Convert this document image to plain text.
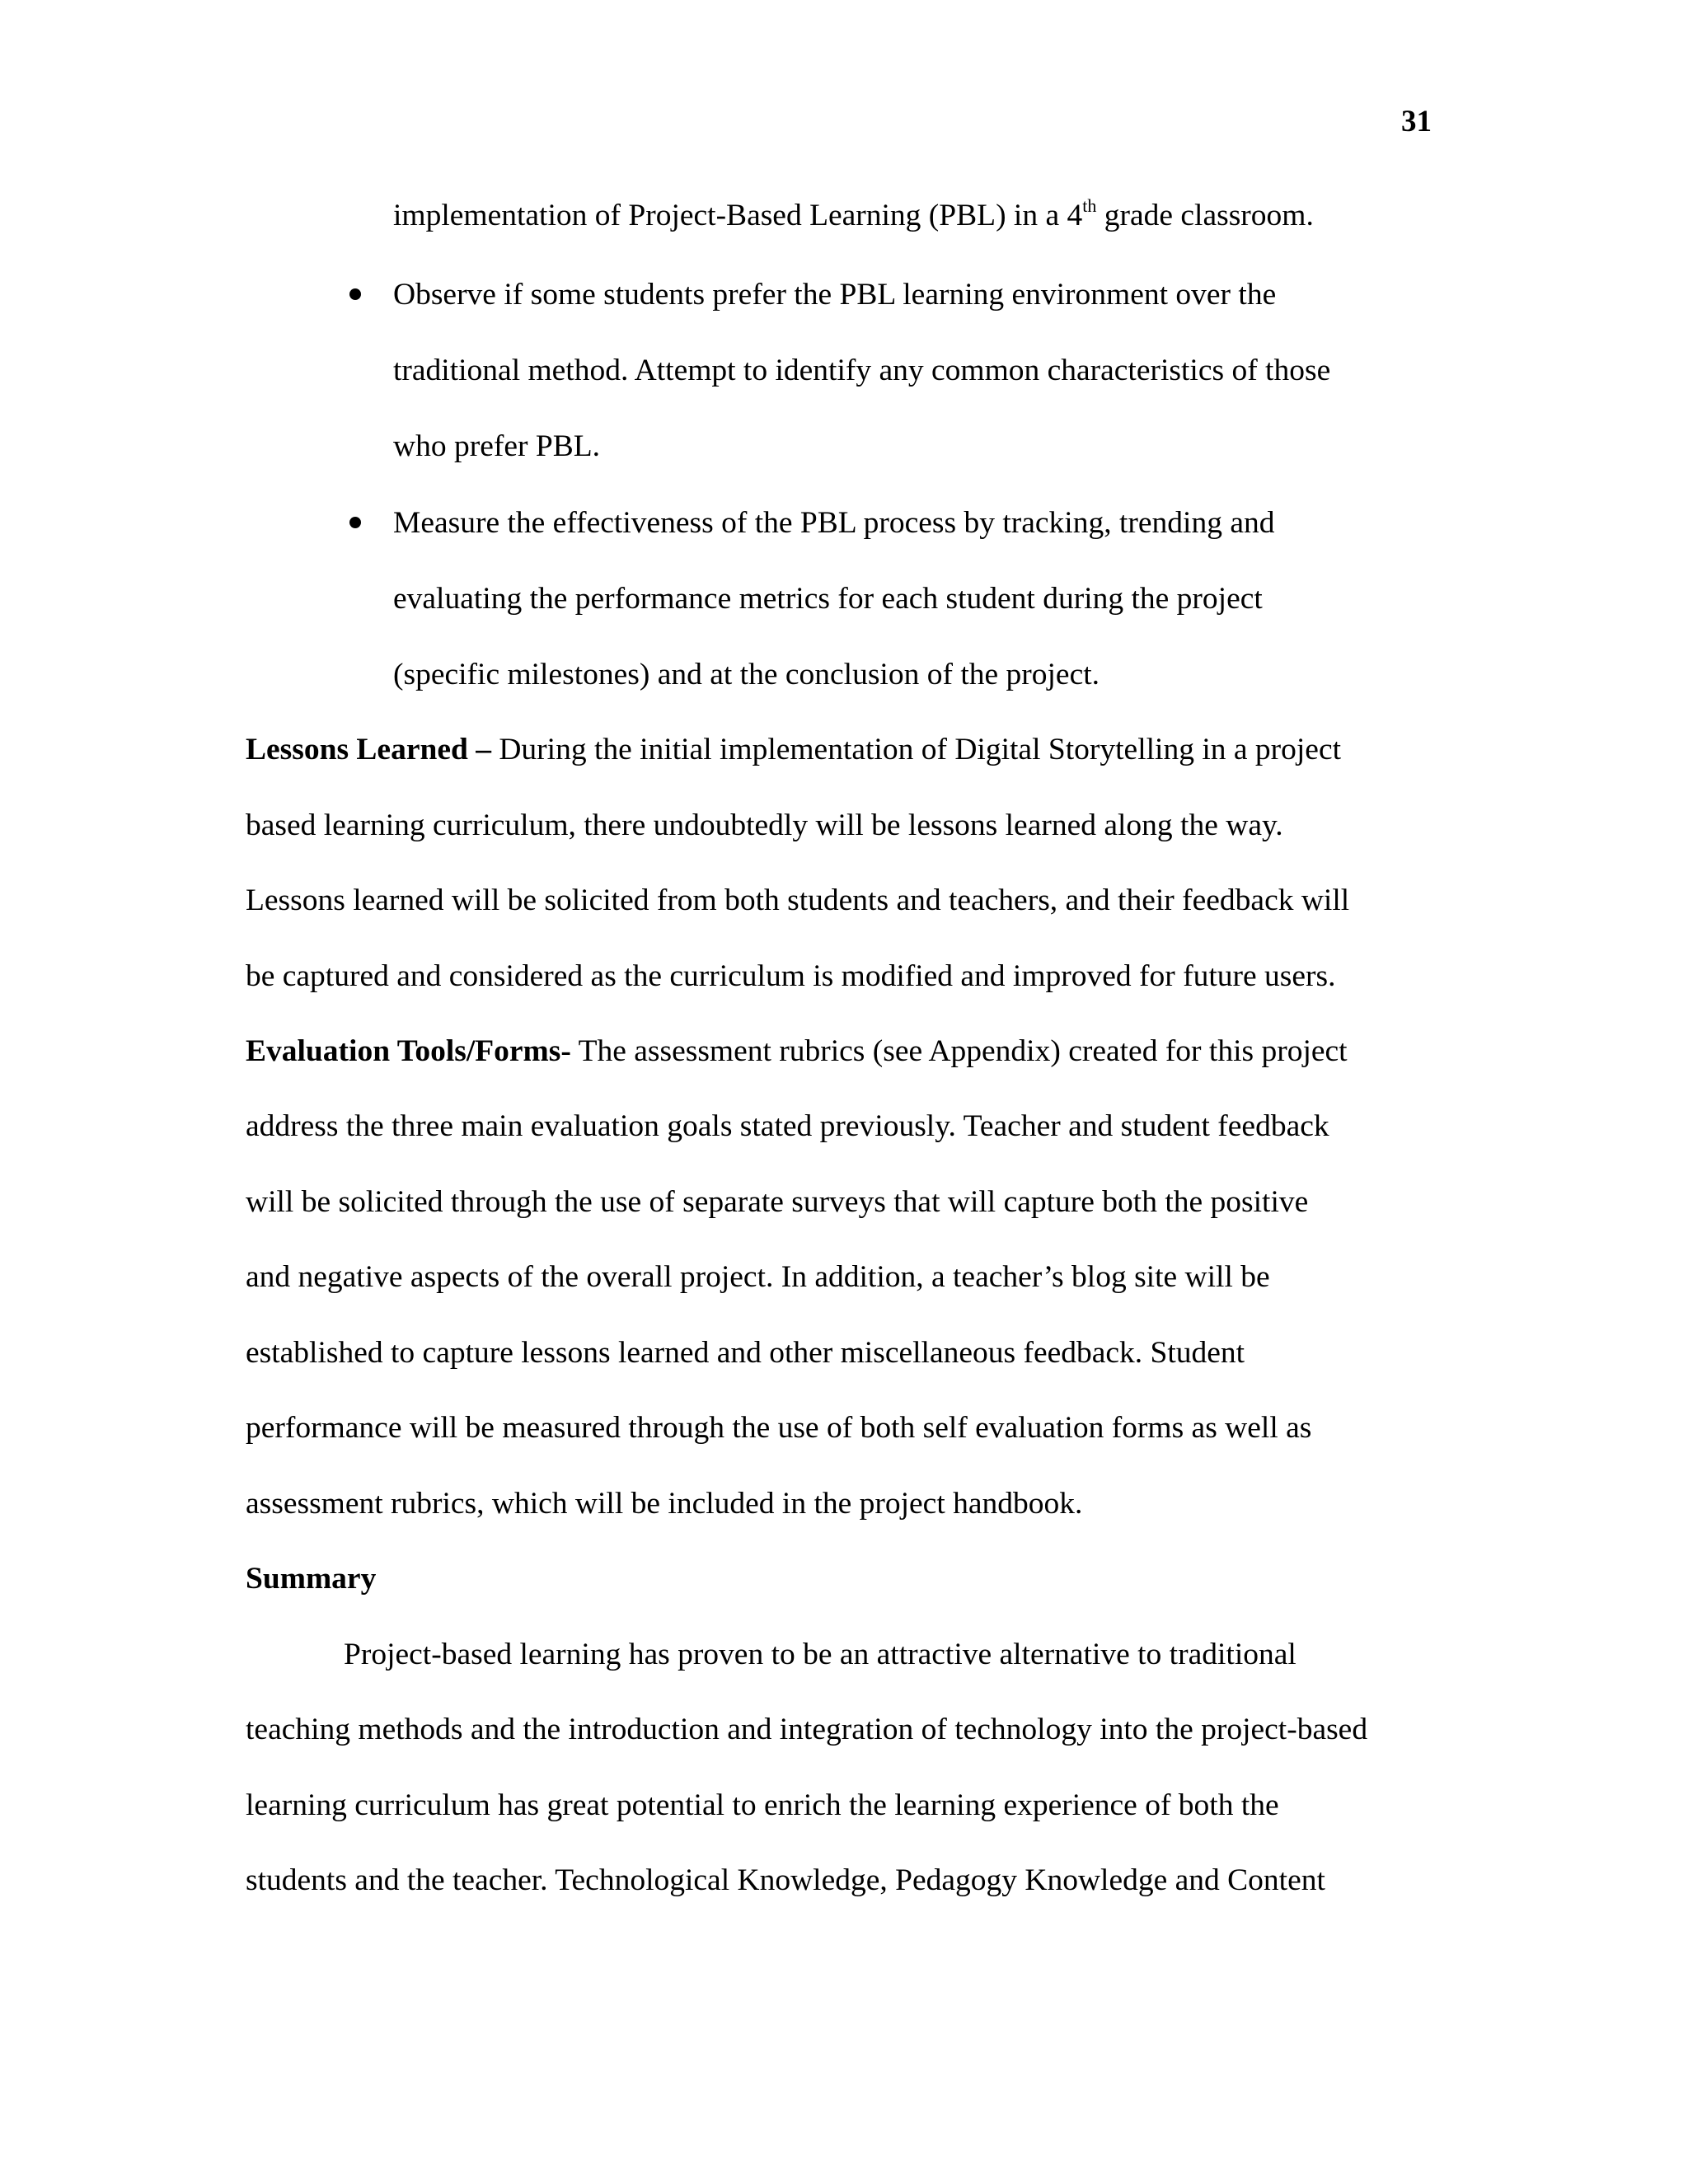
31
implementation of Project-Based Learning (PBL) in a 4th grade classroom.
Observe if some students prefer the PBL learning environment over the
traditional method. Attempt to identify any common characteristics of those
who prefer PBL.
Measure the effectiveness of the PBL process by tracking, trending and
evaluating the performance metrics for each student during the project
(specific milestones) and at the conclusion of the project.
Lessons Learned – During the initial implementation of Digital Storytelling in a project
based learning curriculum, there undoubtedly will be lessons learned along the way.
Lessons learned will be solicited from both students and teachers, and their feedback will
be captured and considered as the curriculum is modified and improved for future users.
Evaluation Tools/Forms- The assessment rubrics (see Appendix) created for this project
address the three main evaluation goals stated previously. Teacher and student feedback
will be solicited through the use of separate surveys that will capture both the positive
and negative aspects of the overall project. In addition, a teacher’s blog site will be
established to capture lessons learned and other miscellaneous feedback. Student
performance will be measured through the use of both self evaluation forms as well as
assessment rubrics, which will be included in the project handbook.
Summary
Project-based learning has proven to be an attractive alternative to traditional
teaching methods and the introduction and integration of technology into the project-based
learning curriculum has great potential to enrich the learning experience of both the
students and the teacher. Technological Knowledge, Pedagogy Knowledge and Content
